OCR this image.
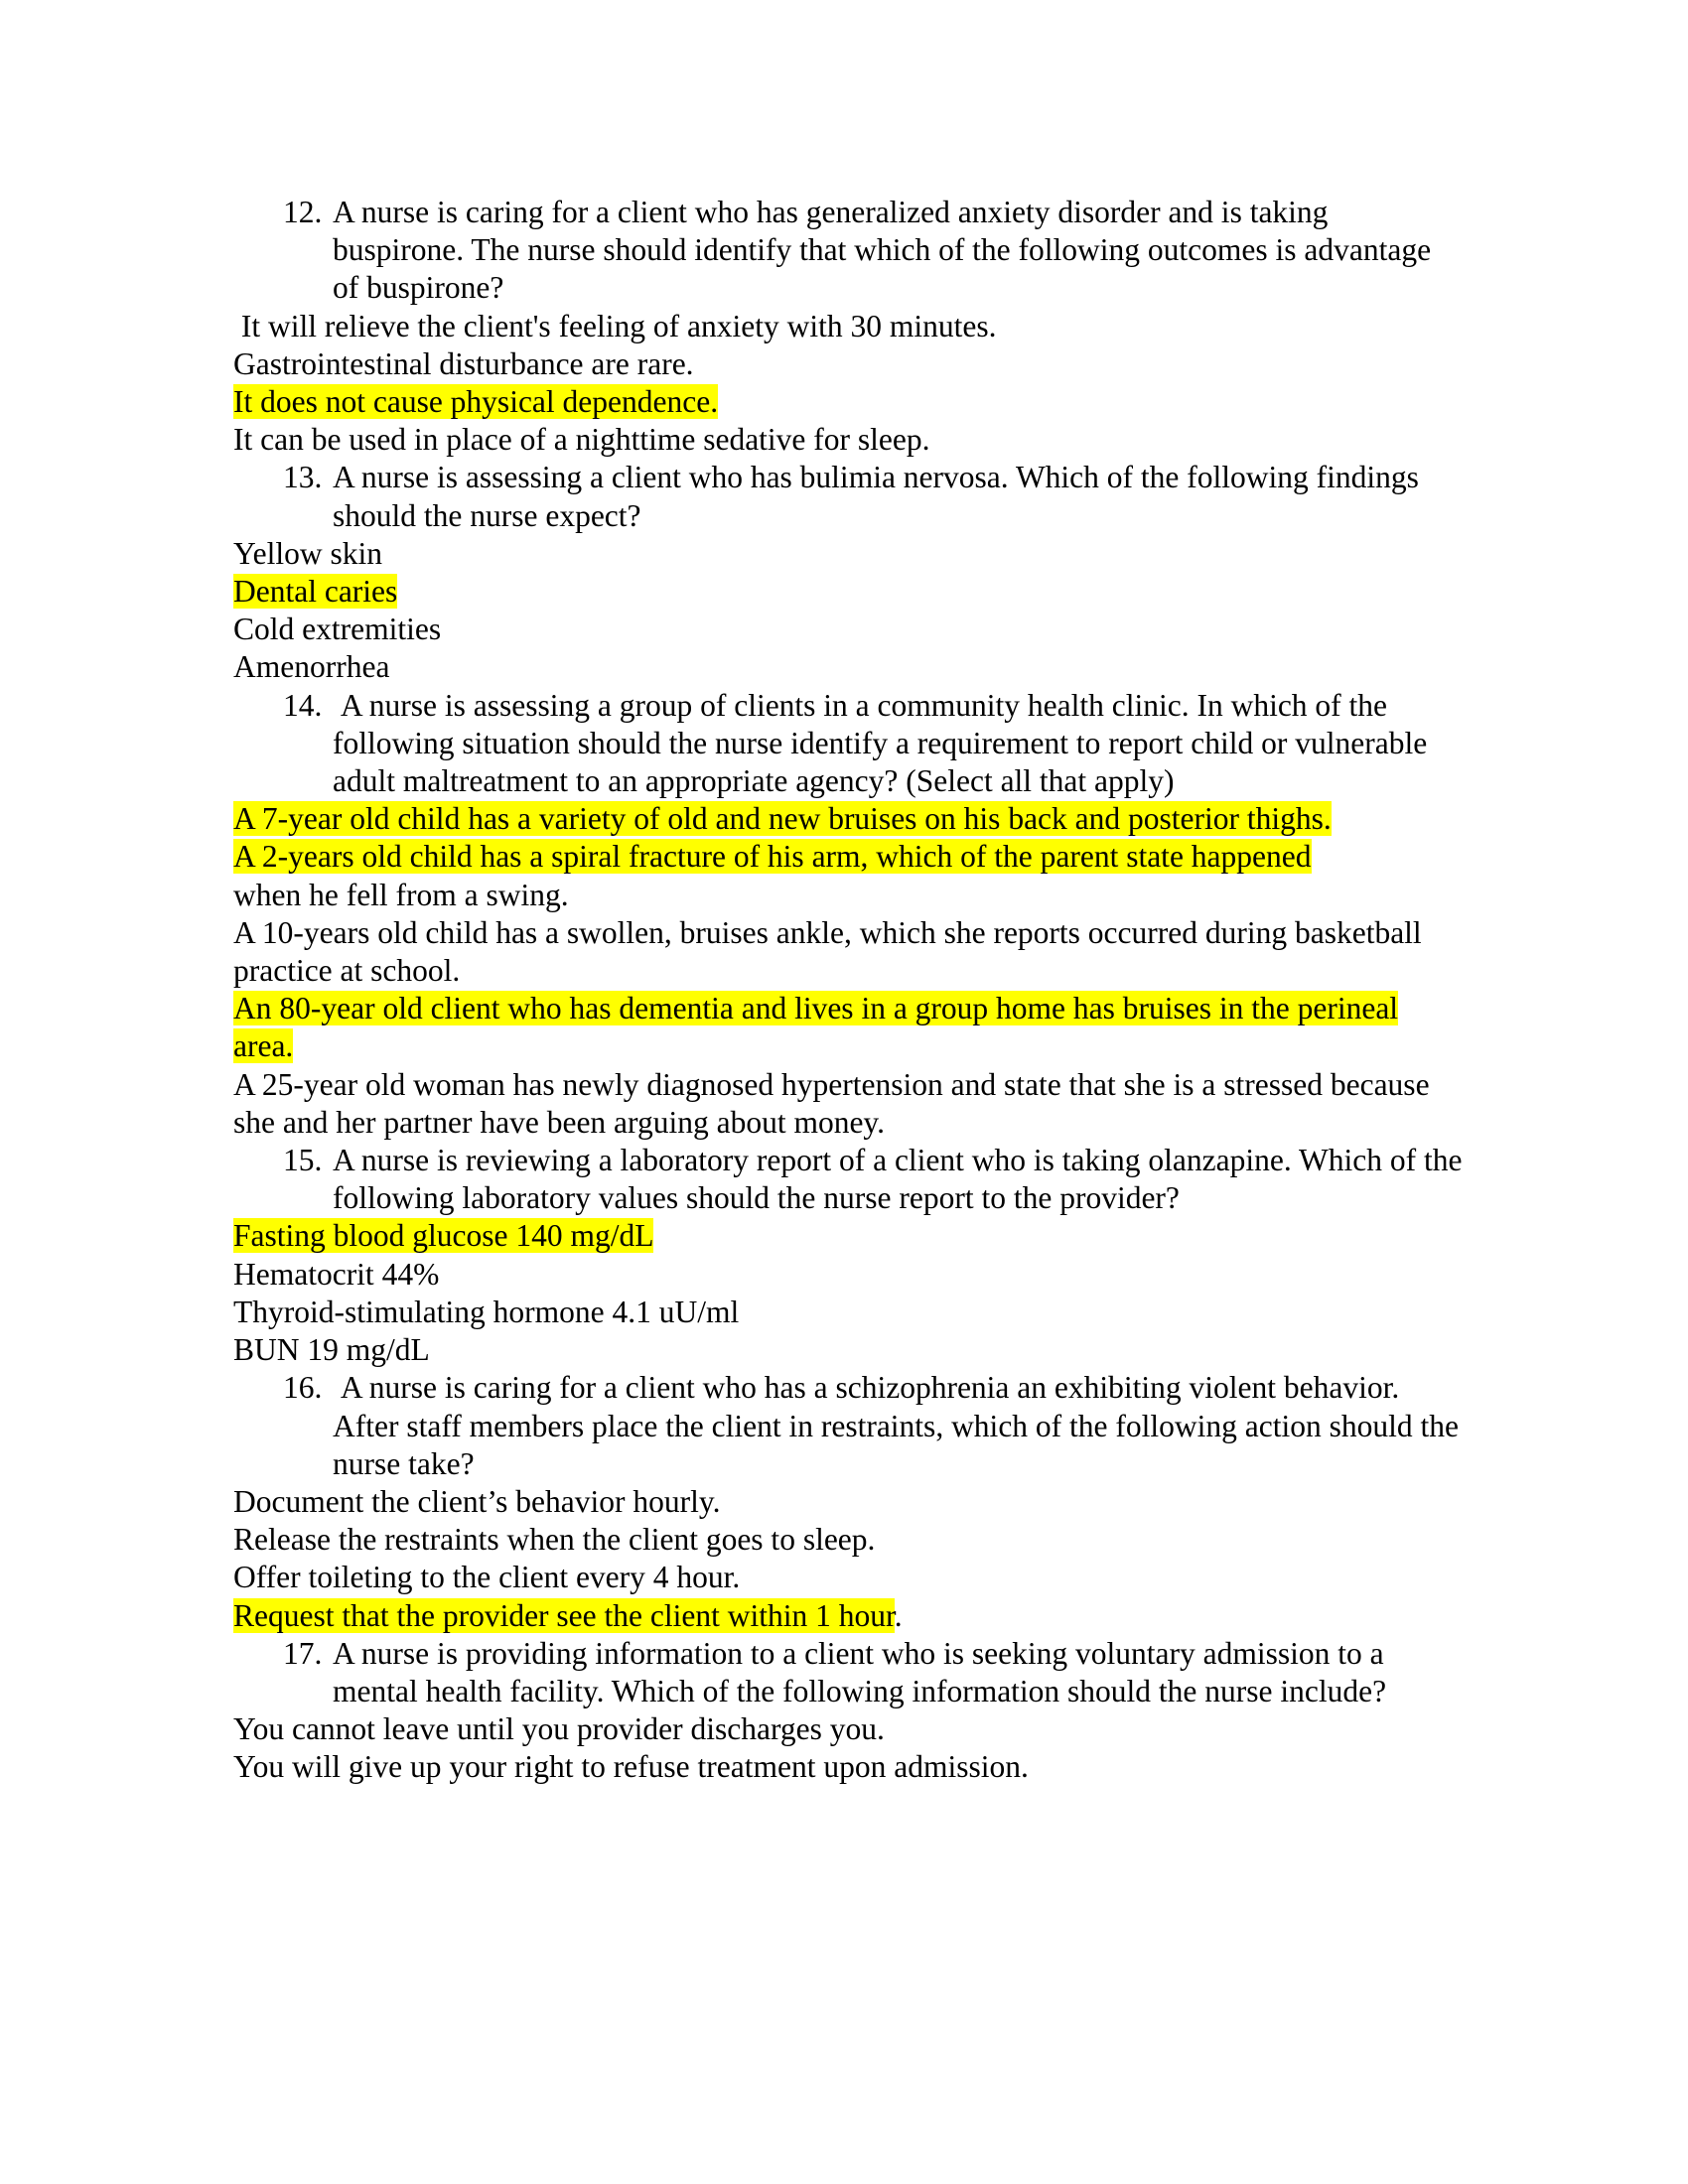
12. A nurse is caring for a client who has generalized anxiety disorder and is taking buspirone. The nurse should identify that which of the following outcomes is advantage of buspirone?
It will relieve the client's feeling of anxiety with 30 minutes.
Gastrointestinal disturbance are rare.
It does not cause physical dependence.
It can be used in place of a nighttime sedative for sleep.
13. A nurse is assessing a client who has bulimia nervosa. Which of the following findings should the nurse expect?
Yellow skin
Dental caries
Cold extremities
Amenorrhea
14. A nurse is assessing a group of clients in a community health clinic. In which of the following situation should the nurse identify a requirement to report child or vulnerable adult maltreatment to an appropriate agency? (Select all that apply)
A 7-year old child has a variety of old and new bruises on his back and posterior thighs.
A 2-years old child has a spiral fracture of his arm, which of the parent state happened
when he fell from a swing.
A 10-years old child has a swollen, bruises ankle, which she reports occurred during basketball practice at school.
An 80-year old client who has dementia and lives in a group home has bruises in the perineal area.
A 25-year old woman has newly diagnosed hypertension and state that she is a stressed because she and her partner have been arguing about money.
15. A nurse is reviewing a laboratory report of a client who is taking olanzapine. Which of the following laboratory values should the nurse report to the provider?
Fasting blood glucose 140 mg/dL
Hematocrit 44%
Thyroid-stimulating hormone 4.1 uU/ml
BUN 19 mg/dL
16. A nurse is caring for a client who has a schizophrenia an exhibiting violent behavior. After staff members place the client in restraints, which of the following action should the nurse take?
Document the client’s behavior hourly.
Release the restraints when the client goes to sleep.
Offer toileting to the client every 4 hour.
Request that the provider see the client within 1 hour.
17. A nurse is providing information to a client who is seeking voluntary admission to a mental health facility. Which of the following information should the nurse include?
You cannot leave until you provider discharges you.
You will give up your right to refuse treatment upon admission.
